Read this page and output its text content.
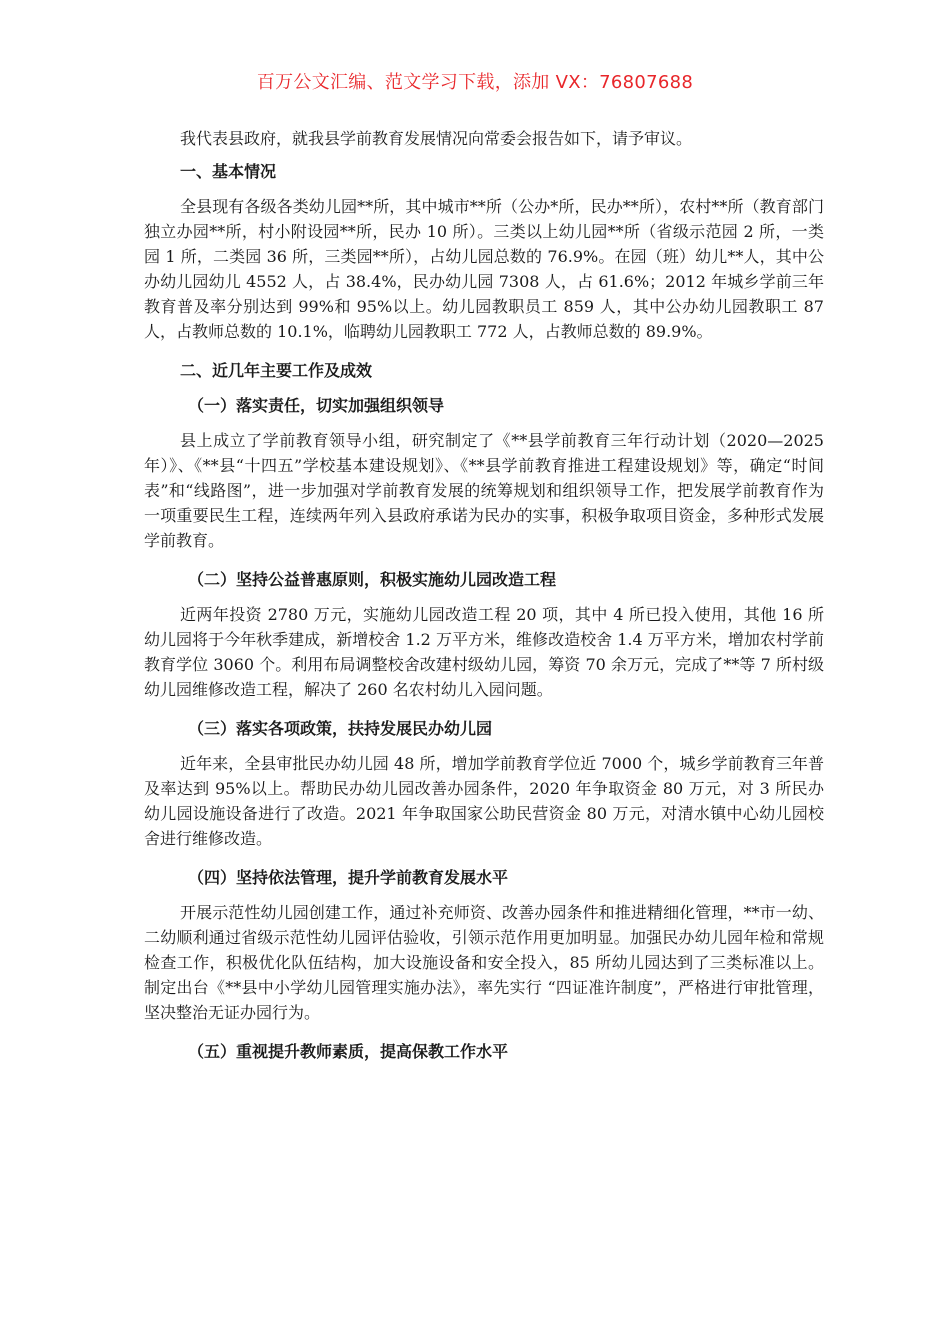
百万公文汇编、范文学习下载，添加 VX：76807688

我代表县政府，就我县学前教育发展情况向常委会报告如下，请予审议。

一、基本情况

全县现有各级各类幼儿园**所，其中城市**所（公办*所，民办**所），农村**所（教育部门独立办园**所，村小附设园**所，民办 10 所）。三类以上幼儿园**所（省级示范园 2 所，一类园 1 所，二类园 36 所，三类园**所），占幼儿园总数的 76.9%。在园（班）幼儿**人，其中公办幼儿园幼儿 4552 人，占 38.4%，民办幼儿园 7308 人，占 61.6%；2012 年城乡学前三年教育普及率分别达到 99%和 95%以上。幼儿园教职员工 859 人，其中公办幼儿园教职工 87 人，占教师总数的 10.1%，临聘幼儿园教职工 772 人，占教师总数的 89.9%。

二、近几年主要工作及成效

（一）落实责任，切实加强组织领导

县上成立了学前教育领导小组，研究制定了《**县学前教育三年行动计划（2020—2025 年）》、《**县“十四五”学校基本建设规划》、《**县学前教育推进工程建设规划》等，确定“时间表”和“线路图”，进一步加强对学前教育发展的统筹规划和组织领导工作，把发展学前教育作为一项重要民生工程，连续两年列入县政府承诺为民办的实事，积极争取项目资金，多种形式发展学前教育。

（二）坚持公益普惠原则，积极实施幼儿园改造工程

近两年投资 2780 万元，实施幼儿园改造工程 20 项，其中 4 所已投入使用，其他 16 所幼儿园将于今年秋季建成，新增校舍 1.2 万平方米，维修改造校舍 1.4 万平方米，增加农村学前教育学位 3060 个。利用布局调整校舍改建村级幼儿园，筹资 70 余万元，完成了**等 7 所村级幼儿园维修改造工程，解决了 260 名农村幼儿入园问题。

（三）落实各项政策，扶持发展民办幼儿园

近年来，全县审批民办幼儿园 48 所，增加学前教育学位近 7000 个，城乡学前教育三年普及率达到 95%以上。帮助民办幼儿园改善办园条件，2020 年争取资金 80 万元，对 3 所民办幼儿园设施设备进行了改造。2021 年争取国家公助民营资金 80 万元，对清水镇中心幼儿园校舍进行维修改造。

（四）坚持依法管理，提升学前教育发展水平

开展示范性幼儿园创建工作，通过补充师资、改善办园条件和推进精细化管理，**市一幼、二幼顺利通过省级示范性幼儿园评估验收，引领示范作用更加明显。加强民办幼儿园年检和常规检查工作，积极优化队伍结构，加大设施设备和安全投入，85 所幼儿园达到了三类标准以上。制定出台《**县中小学幼儿园管理实施办法》，率先实行 “四证准许制度”，严格进行审批管理，坚决整治无证办园行为。

（五）重视提升教师素质，提高保教工作水平
